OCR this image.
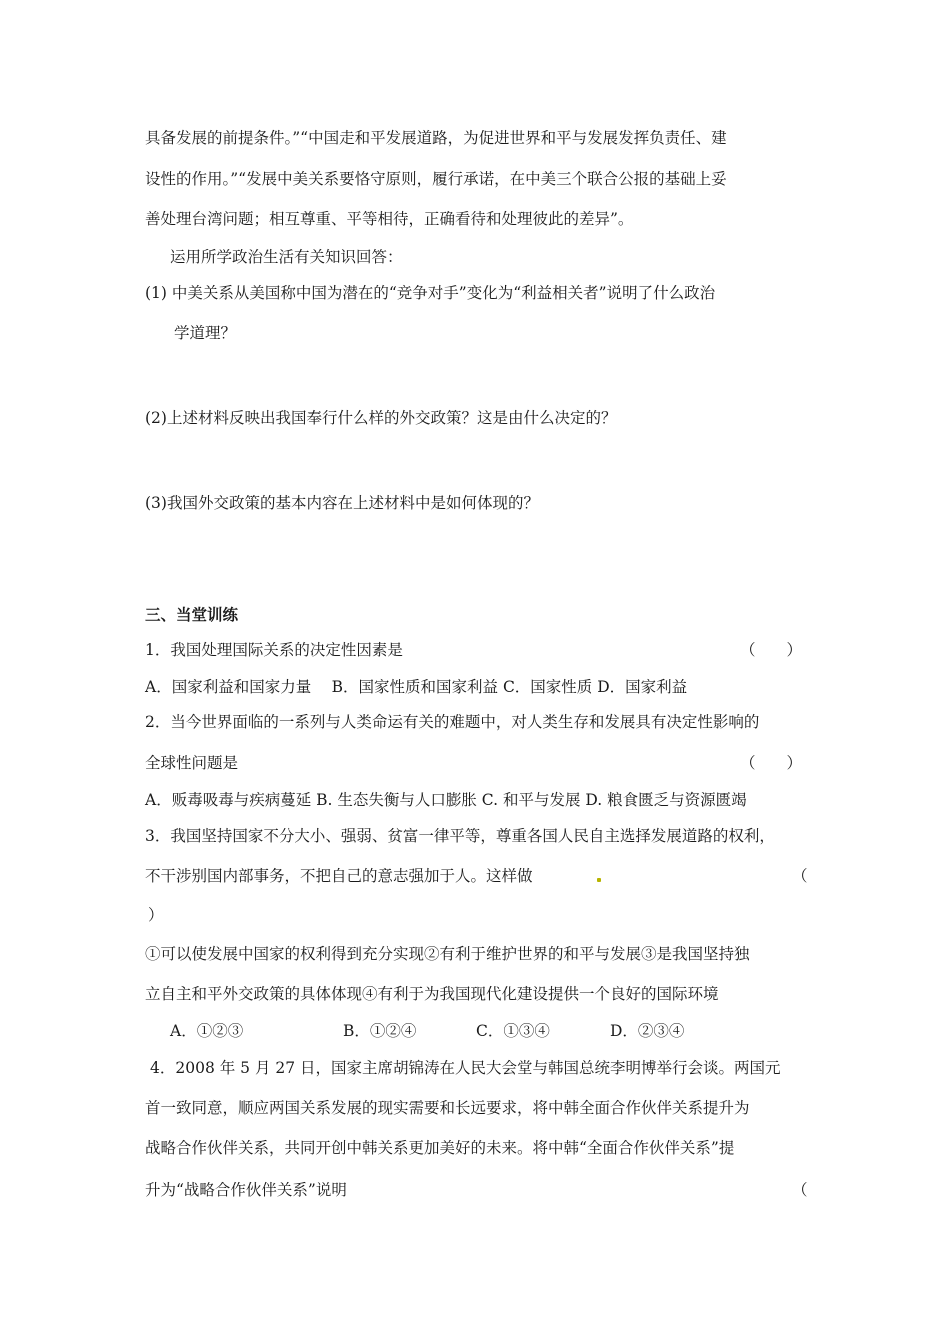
具备发展的前提条件。”“中国走和平发展道路，为促进世界和平与发展发挥负责任、建
设性的作用。”“发展中美关系要恪守原则，履行承诺，在中美三个联合公报的基础上妥
善处理台湾问题；相互尊重、平等相待，正确看待和处理彼此的差异”。
运用所学政治生活有关知识回答：
(1) 中美关系从美国称中国为潜在的“竞争对手”变化为“利益相关者”说明了什么政治
学道理？
(2)上述材料反映出我国奉行什么样的外交政策？这是由什么决定的？
(3)我国外交政策的基本内容在上述材料中是如何体现的？
三、当堂训练
1．我国处理国际关系的决定性因素是	（　　）
A．国家利益和国家力量　 B．国家性质和国家利益 C．国家性质 D．国家利益
2．当今世界面临的一系列与人类命运有关的难题中，对人类生存和发展具有决定性影响的
全球性问题是	（　　）
A．贩毒吸毒与疾病蔓延 B. 生态失衡与人口膨胀 C. 和平与发展 D. 粮食匮乏与资源匮竭
3．我国坚持国家不分大小、强弱、贫富一律平等，尊重各国人民自主选择发展道路的权利，
不干涉别国内部事务，不把自己的意志强加于人。这样做	（
）
①可以使发展中国家的权利得到充分实现②有利于维护世界的和平与发展③是我国坚持独
立自主和平外交政策的具体体现④有利于为我国现代化建设提供一个良好的国际环境
A．①②③	B．①②④	C．①③④	D．②③④
4．2008 年 5 月 27 日，国家主席胡锦涛在人民大会堂与韩国总统李明博举行会谈。两国元
首一致同意，顺应两国关系发展的现实需要和长远要求，将中韩全面合作伙伴关系提升为
战略合作伙伴关系，共同开创中韩关系更加美好的未来。将中韩“全面合作伙伴关系”提
升为“战略合作伙伴关系”说明	（
